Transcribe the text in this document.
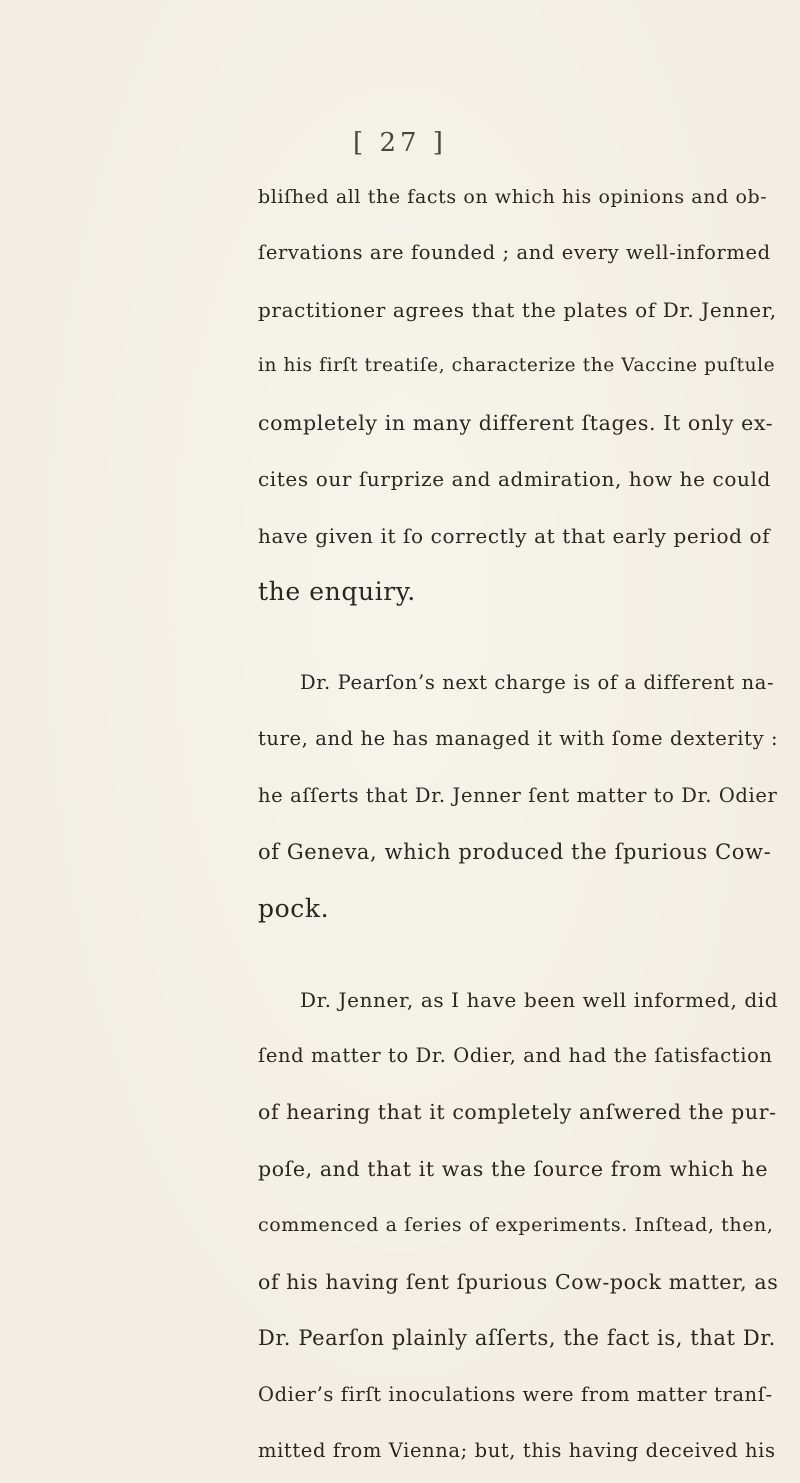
[ 27 ]

bliſhed all the facts on which his opinions and ob-

ſervations are founded ; and every well-informed

practitioner agrees that the plates of Dr. Jenner,

in his firſt treatiſe, characterize the Vaccine puſtule

completely in many different ſtages. It only ex-

cites our ſurprize and admiration, how he could

have given it ſo correctly at that early period of

the enquiry.

Dr. Pearſon’s next charge is of a different na-

ture, and he has managed it with ſome dexterity :

he aſſerts that Dr. Jenner ſent matter to Dr. Odier

of Geneva, which produced the ſpurious Cow-

pock.

Dr. Jenner, as I have been well informed, did

ſend matter to Dr. Odier, and had the ſatisfaction

of hearing that it completely anſwered the pur-

poſe, and that it was the ſource from which he

commenced a ſeries of experiments. Inſtead, then,

of his having ſent ſpurious Cow-pock matter, as

Dr. Pearſon plainly aſſerts, the fact is, that Dr.

Odier’s firſt inoculations were from matter tranſ-

mitted from Vienna; but, this having deceived his
